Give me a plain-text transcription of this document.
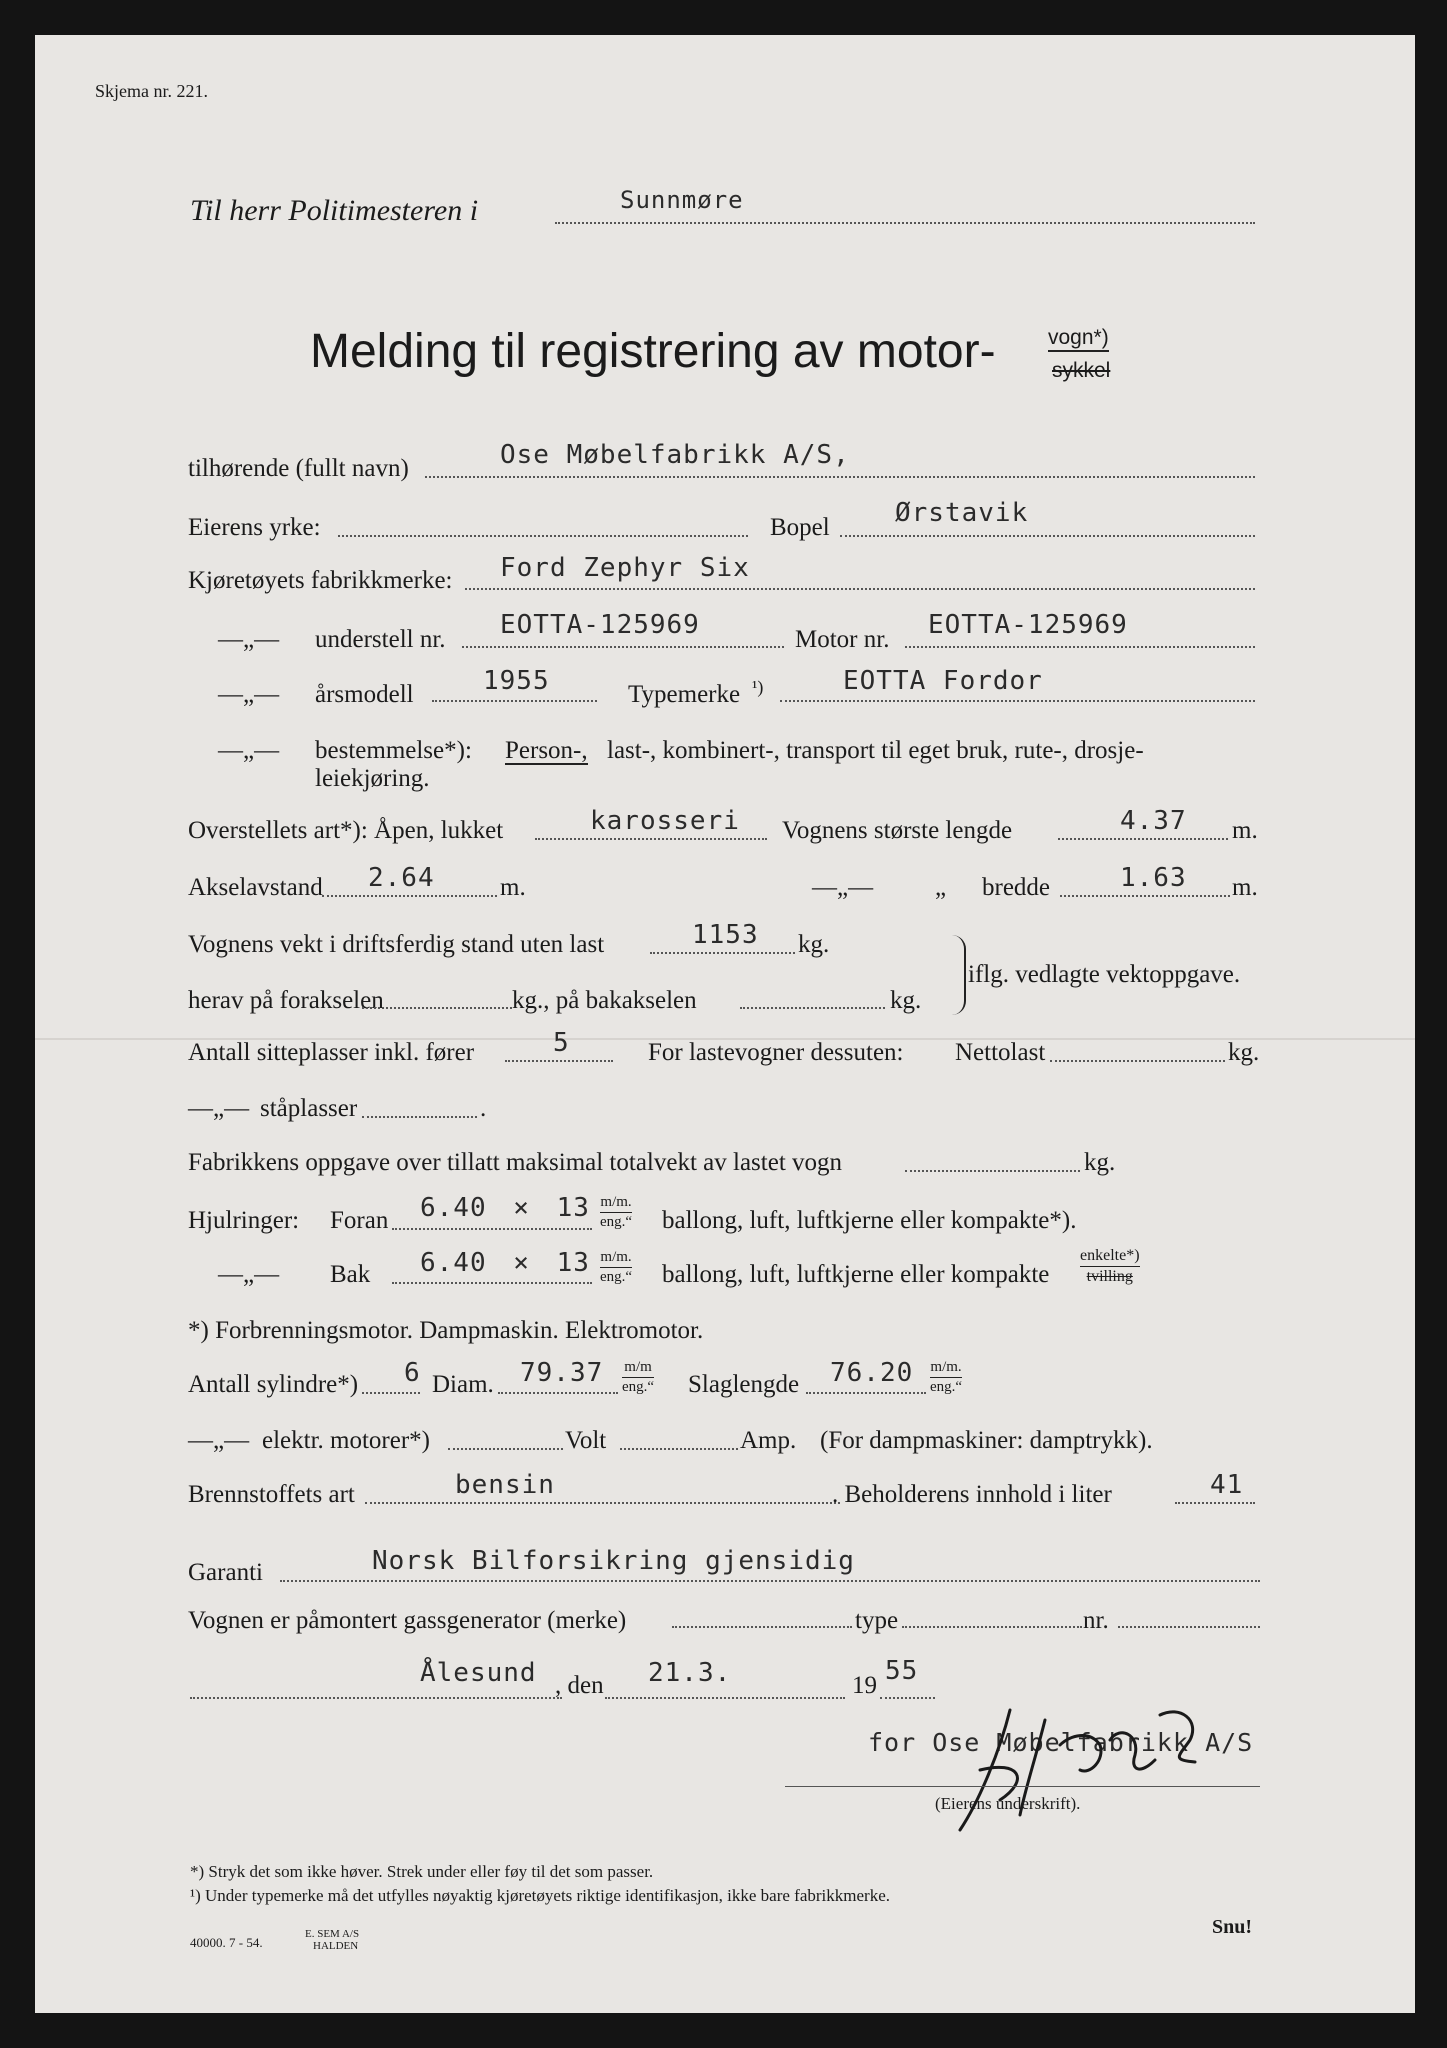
Skjema nr. 221.
Til herr Politimesteren i	Sunnmøre
Melding til registrering av motor- vogn*)
sykkel
tilhørende (fullt navn)	Ose Møbelfabrikk A/S,
Eierens yrke:	Bopel	Ørstavik
Kjøretøyets fabrikkmerke: Ford Zephyr Six
—„— understell nr. EOTTA-125969	Motor nr. EOTTA-125969
—„— årsmodell	1955	Typemerke ¹)	EOTTA Fordor
—„— bestemmelse*): Person-, last-, kombinert-, transport til eget bruk, rute-, drosje-
leiekjøring.
Overstellets art*): Åpen, lukket	karosseri Vognens største lengde	4.37 m.
Akselavstand 2.64	m.	—„— „ bredde	1.63 m.
Vognens vekt i driftsferdig stand uten last	1153 kg.
herav på forakselen	kg., på bakakselen	kg.
iflg. vedlagte vektoppgave.
Antall sitteplasser inkl. fører	5	For lastevogner dessuten: Nettolast	kg.
—„— ståplasser	.
Fabrikkens oppgave over tillatt maksimal totalvekt av lastet vogn	kg.
Hjulringer: Foran 6.40 × 13 m/m.
eng.“ ballong, luft, luftkjerne eller kompakte*).
—„— Bak 6.40 × 13 m/m.
eng.“ ballong, luft, luftkjerne eller kompakte
enkelte*)
tvilling
*) Forbrenningsmotor. Dampmaskin. Elektromotor.
Antall sylindre*) 6 Diam. 79.37 m/m
eng.“ Slaglengde 76.20 m/m.
eng.“
—„— elektr. motorer*)	Volt	Amp. (For dampmaskiner: damptrykk).
Brennstoffets art	bensin	. Beholderens innhold i liter	41
Garanti	Norsk Bilforsikring gjensidig
Vognen er påmontert gassgenerator (merke)	type	nr.
Ålesund , den 21.3.	19 55
for Ose Møbelfabrikk A/S
(Eierens underskrift).
*) Stryk det som ikke høver. Strek under eller føy til det som passer.
¹) Under typemerke må det utfylles nøyaktig kjøretøyets riktige identifikasjon, ikke bare fabrikkmerke.
40000. 7 - 54.
E. SEM A/S
HALDEN
Snu!
